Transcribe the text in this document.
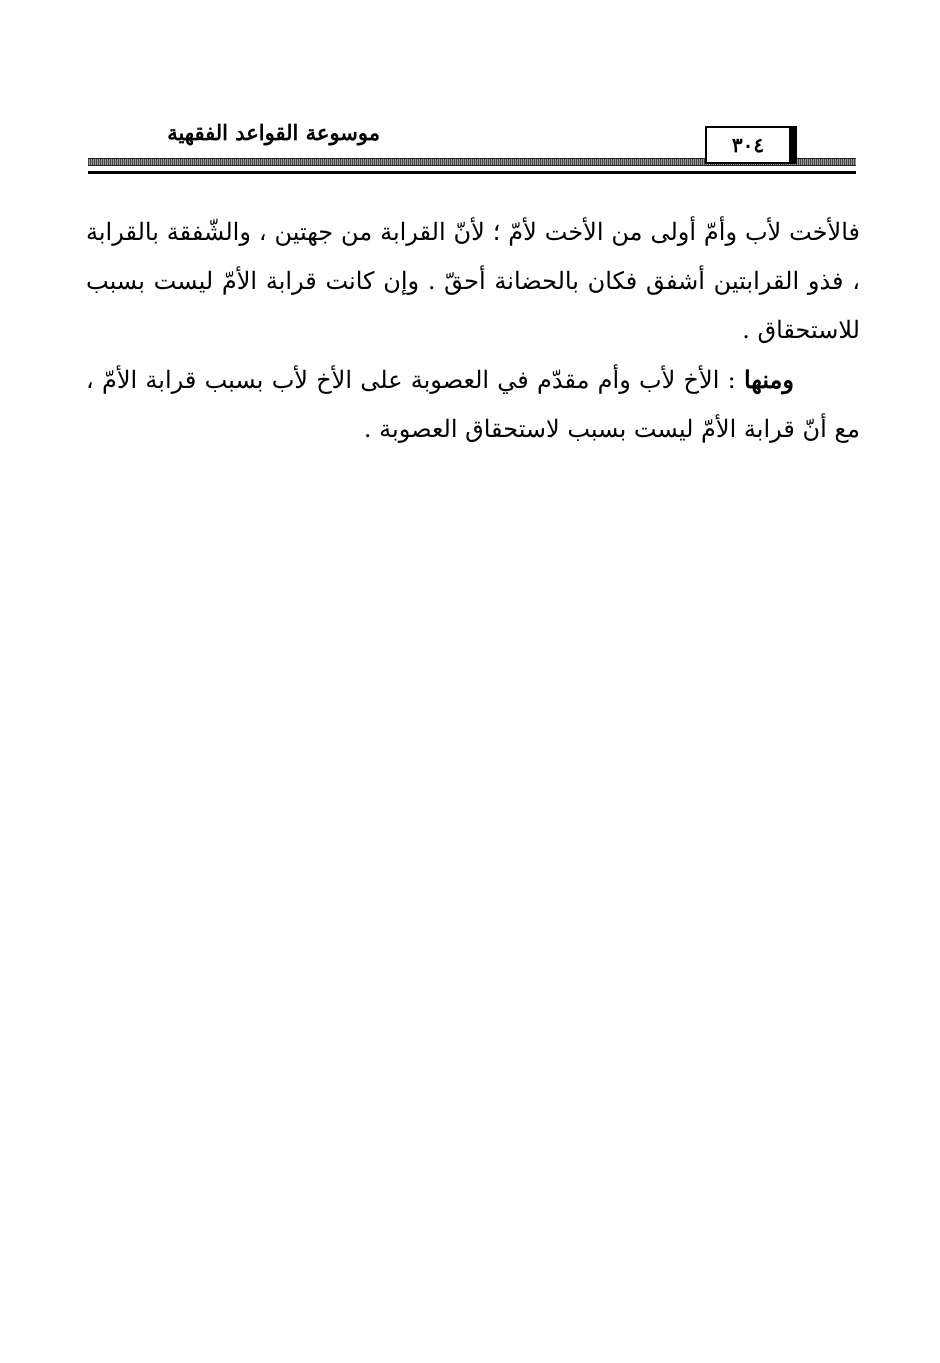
موسوعة القواعد الفقهية	٣٠٤

فالأخت لأب وأمّ أولى من الأخت لأمّ ؛ لأنّ القرابة من جهتين ، والشّفقة بالقرابة ، فذو القرابتين أشفق فكان بالحضانة أحقّ . وإن كانت قرابة الأمّ ليست بسبب للاستحقاق .

ومنها : الأخ لأب وأم مقدّم في العصوبة على الأخ لأب بسبب قرابة الأمّ ، مع أنّ قرابة الأمّ ليست بسبب لاستحقاق العصوبة .
